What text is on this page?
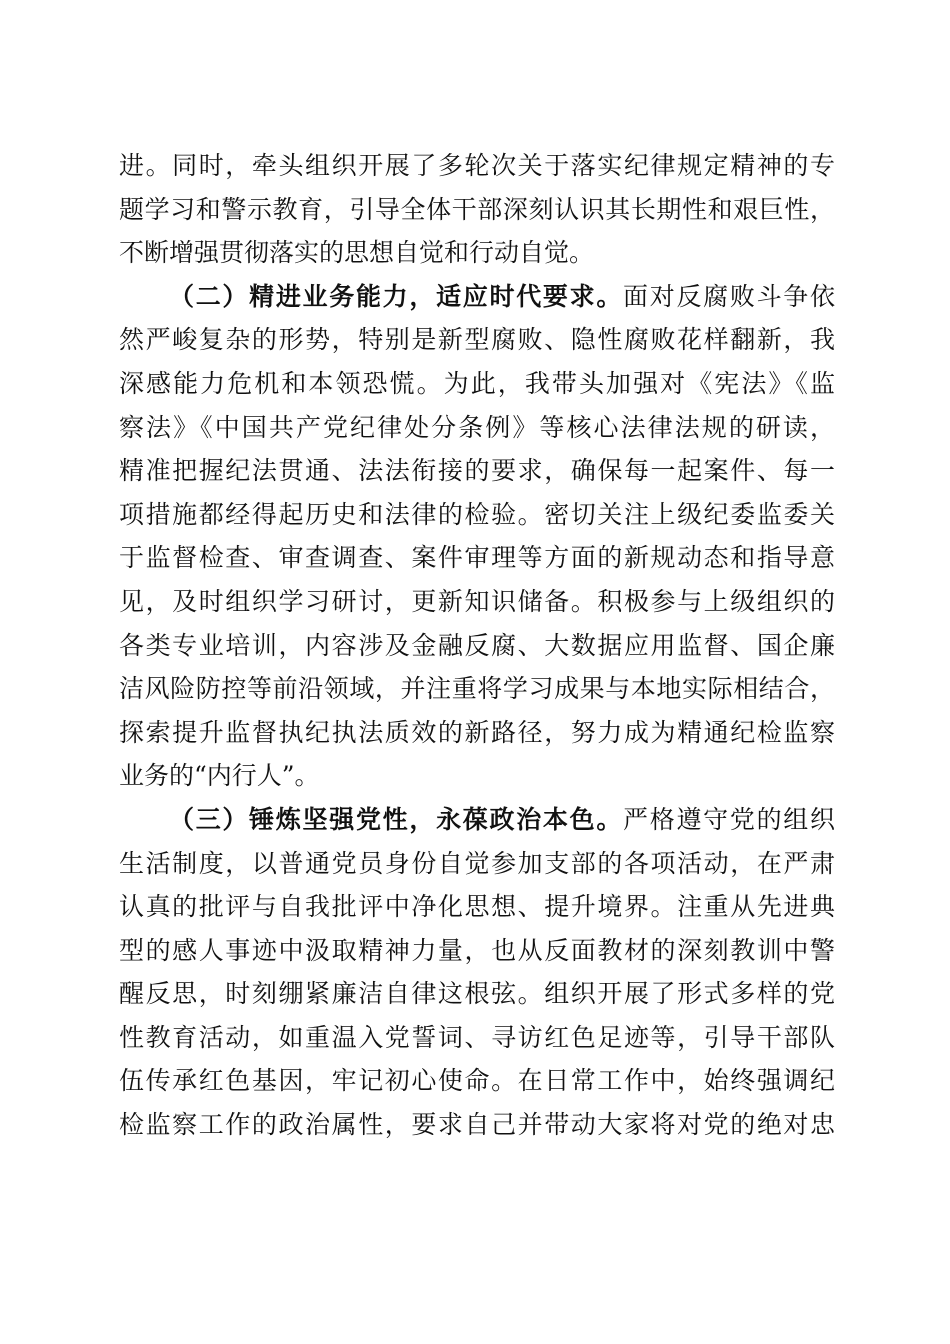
进。同时，牵头组织开展了多轮次关于落实纪律规定精神的专
题学习和警示教育，引导全体干部深刻认识其长期性和艰巨性，
不断增强贯彻落实的思想自觉和行动自觉。
（二）精进业务能力，适应时代要求。面对反腐败斗争依
然严峻复杂的形势，特别是新型腐败、隐性腐败花样翻新，我
深感能力危机和本领恐慌。为此，我带头加强对《宪法》《监
察法》《中国共产党纪律处分条例》等核心法律法规的研读，
精准把握纪法贯通、法法衔接的要求，确保每一起案件、每一
项措施都经得起历史和法律的检验。密切关注上级纪委监委关
于监督检查、审查调查、案件审理等方面的新规动态和指导意
见，及时组织学习研讨，更新知识储备。积极参与上级组织的
各类专业培训，内容涉及金融反腐、大数据应用监督、国企廉
洁风险防控等前沿领域，并注重将学习成果与本地实际相结合，
探索提升监督执纪执法质效的新路径，努力成为精通纪检监察
业务的“内行人”。
（三）锤炼坚强党性，永葆政治本色。严格遵守党的组织
生活制度，以普通党员身份自觉参加支部的各项活动，在严肃
认真的批评与自我批评中净化思想、提升境界。注重从先进典
型的感人事迹中汲取精神力量，也从反面教材的深刻教训中警
醒反思，时刻绷紧廉洁自律这根弦。组织开展了形式多样的党
性教育活动，如重温入党誓词、寻访红色足迹等，引导干部队
伍传承红色基因，牢记初心使命。在日常工作中，始终强调纪
检监察工作的政治属性，要求自己并带动大家将对党的绝对忠
